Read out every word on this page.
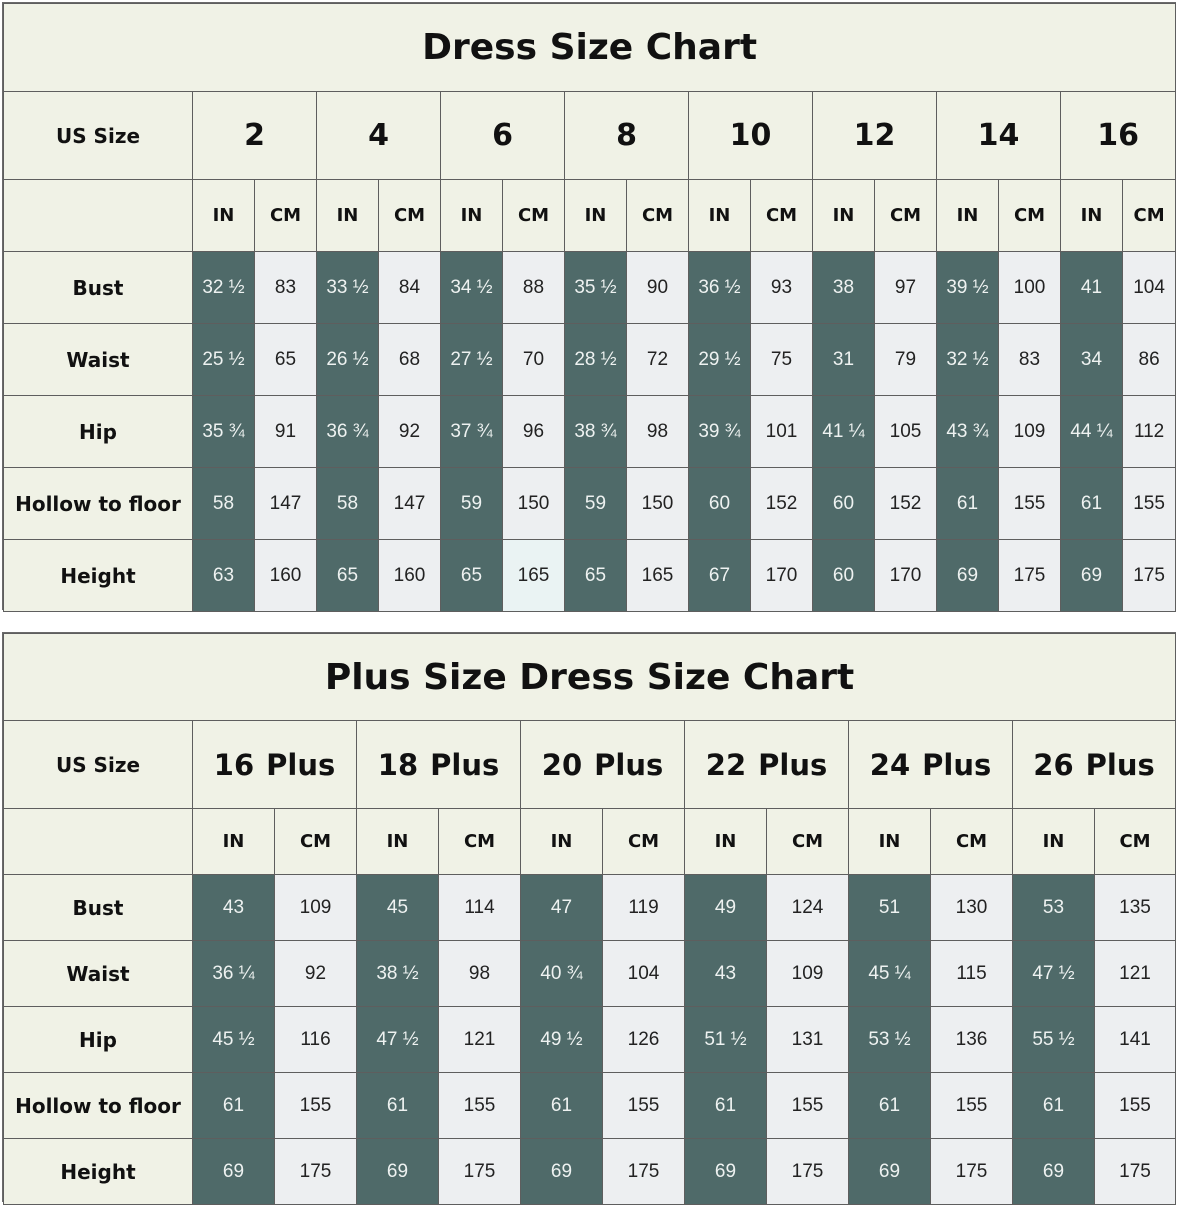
Dress Size Chart																
US Size	2		4		6		8		10		12		14		16	
	IN	CM	IN	CM	IN	CM	IN	CM	IN	CM	IN	CM	IN	CM	IN	CM
Bust	32 ½	83	33 ½	84	34 ½	88	35 ½	90	36 ½	93	38	97	39 ½	100	41	104
Waist	25 ½	65	26 ½	68	27 ½	70	28 ½	72	29 ½	75	31	79	32 ½	83	34	86
Hip	35 ¾	91	36 ¾	92	37 ¾	96	38 ¾	98	39 ¾	101	41 ¼	105	43 ¾	109	44 ¼	112
Hollow to floor	58	147	58	147	59	150	59	150	60	152	60	152	61	155	61	155
Height	63	160	65	160	65	165	65	165	67	170	60	170	69	175	69	175
Plus Size Dress Size Chart												
US Size	16 Plus		18 Plus		20 Plus		22 Plus		24 Plus		26 Plus	
	IN	CM	IN	CM	IN	CM	IN	CM	IN	CM	IN	CM
Bust	43	109	45	114	47	119	49	124	51	130	53	135
Waist	36 ¼	92	38 ½	98	40 ¾	104	43	109	45 ¼	115	47 ½	121
Hip	45 ½	116	47 ½	121	49 ½	126	51 ½	131	53 ½	136	55 ½	141
Hollow to floor	61	155	61	155	61	155	61	155	61	155	61	155
Height	69	175	69	175	69	175	69	175	69	175	69	175
